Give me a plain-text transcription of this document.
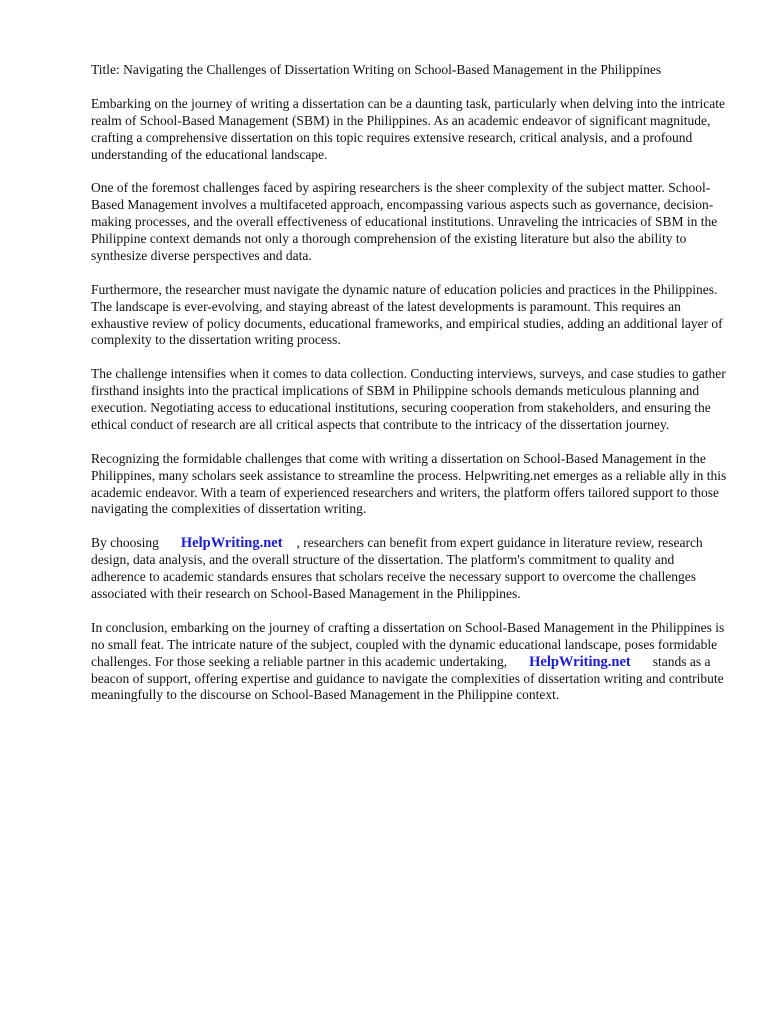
Title: Navigating the Challenges of Dissertation Writing on School-Based Management in the Philippines

Embarking on the journey of writing a dissertation can be a daunting task, particularly when delving into the intricate realm of School-Based Management (SBM) in the Philippines. As an academic endeavor of significant magnitude, crafting a comprehensive dissertation on this topic requires extensive research, critical analysis, and a profound understanding of the educational landscape.

One of the foremost challenges faced by aspiring researchers is the sheer complexity of the subject matter. School-Based Management involves a multifaceted approach, encompassing various aspects such as governance, decision-making processes, and the overall effectiveness of educational institutions. Unraveling the intricacies of SBM in the Philippine context demands not only a thorough comprehension of the existing literature but also the ability to synthesize diverse perspectives and data.

Furthermore, the researcher must navigate the dynamic nature of education policies and practices in the Philippines. The landscape is ever-evolving, and staying abreast of the latest developments is paramount. This requires an exhaustive review of policy documents, educational frameworks, and empirical studies, adding an additional layer of complexity to the dissertation writing process.

The challenge intensifies when it comes to data collection. Conducting interviews, surveys, and case studies to gather firsthand insights into the practical implications of SBM in Philippine schools demands meticulous planning and execution. Negotiating access to educational institutions, securing cooperation from stakeholders, and ensuring the ethical conduct of research are all critical aspects that contribute to the intricacy of the dissertation journey.

Recognizing the formidable challenges that come with writing a dissertation on School-Based Management in the Philippines, many scholars seek assistance to streamline the process. Helpwriting.net emerges as a reliable ally in this academic endeavor. With a team of experienced researchers and writers, the platform offers tailored support to those navigating the complexities of dissertation writing.

By choosing HelpWriting.net , researchers can benefit from expert guidance in literature review, research design, data analysis, and the overall structure of the dissertation. The platform's commitment to quality and adherence to academic standards ensures that scholars receive the necessary support to overcome the challenges associated with their research on School-Based Management in the Philippines.

In conclusion, embarking on the journey of crafting a dissertation on School-Based Management in the Philippines is no small feat. The intricate nature of the subject, coupled with the dynamic educational landscape, poses formidable challenges. For those seeking a reliable partner in this academic undertaking, HelpWriting.net stands as a beacon of support, offering expertise and guidance to navigate the complexities of dissertation writing and contribute meaningfully to the discourse on School-Based Management in the Philippine context.
